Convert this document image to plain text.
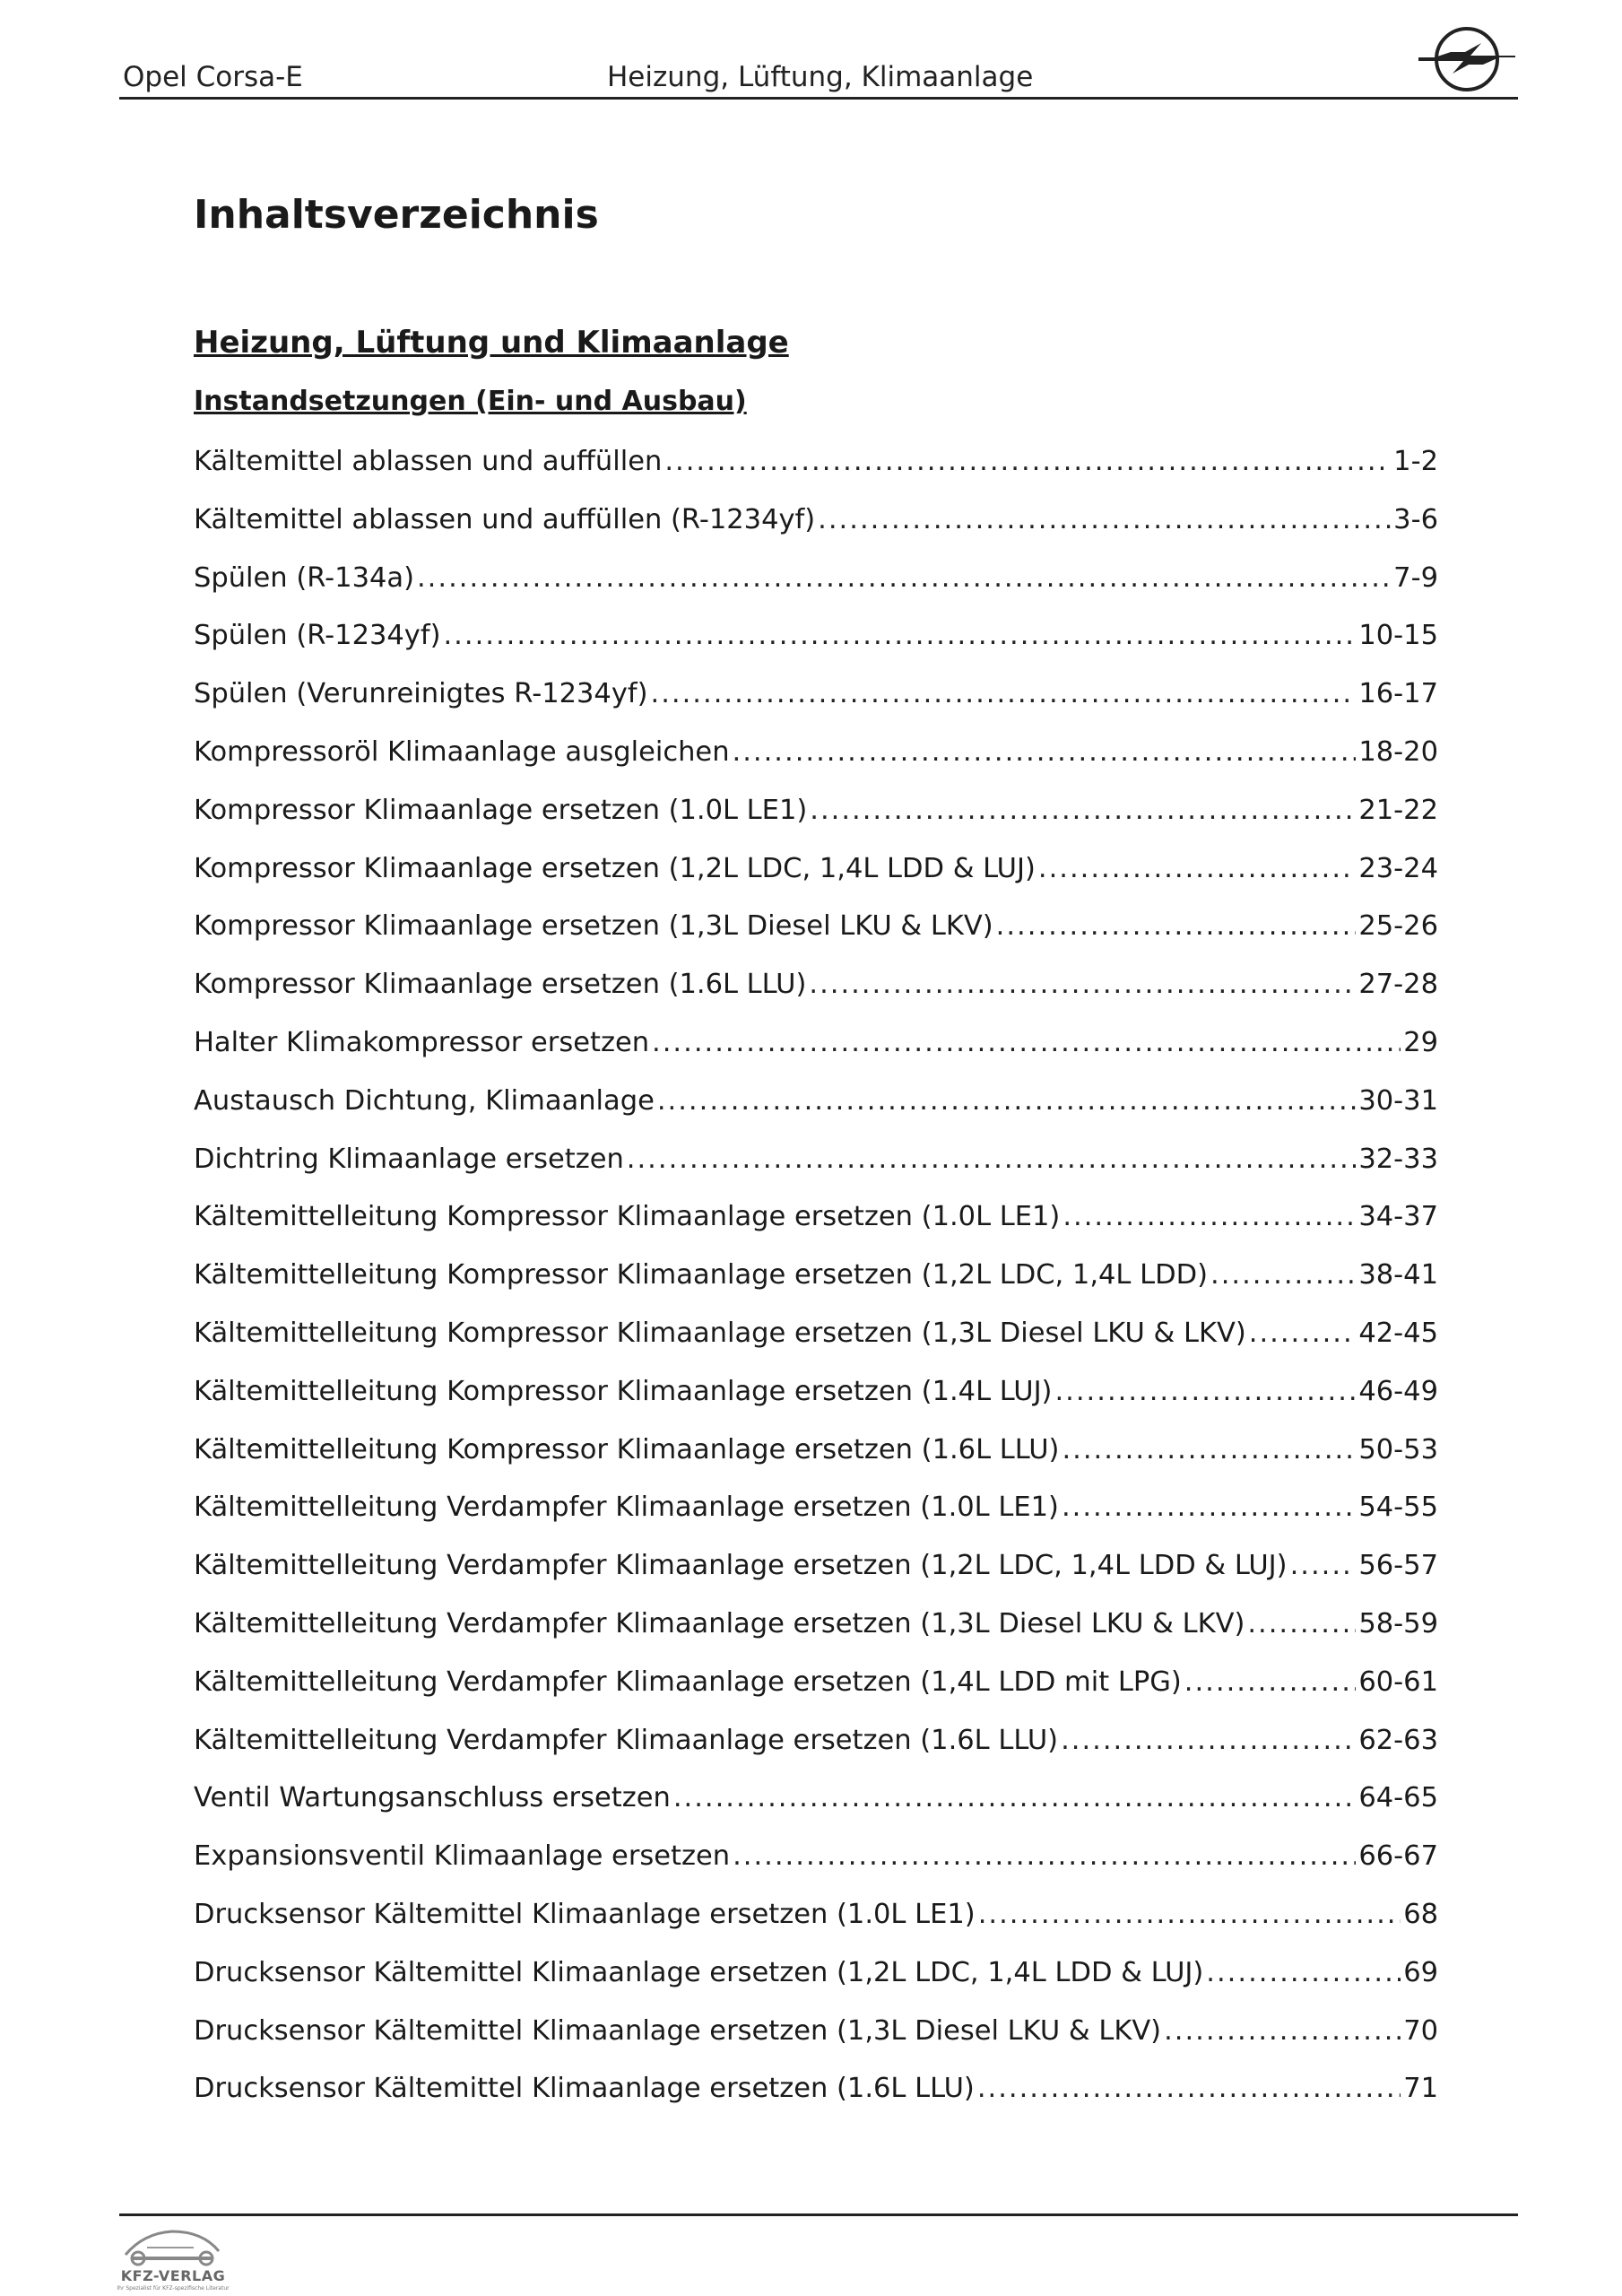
Opel Corsa-E	Heizung, Lüftung, Klimaanlage
Inhaltsverzeichnis
Heizung, Lüftung und Klimaanlage
Instandsetzungen (Ein- und Ausbau)
Kältemittel ablassen und auffüllen .....	1-2
Kältemittel ablassen und auffüllen (R-1234yf) .....	3-6
Spülen (R-134a) .....	7-9
Spülen (R-1234yf) .....	10-15
Spülen (Verunreinigtes R-1234yf) .....	16-17
Kompressoröl Klimaanlage ausgleichen .....	18-20
Kompressor Klimaanlage ersetzen (1.0L LE1) .....	21-22
Kompressor Klimaanlage ersetzen (1,2L LDC, 1,4L LDD & LUJ) .....	23-24
Kompressor Klimaanlage ersetzen (1,3L Diesel LKU & LKV) .....	25-26
Kompressor Klimaanlage ersetzen (1.6L LLU) .....	27-28
Halter Klimakompressor ersetzen .....	29
Austausch Dichtung, Klimaanlage .....	30-31
Dichtring Klimaanlage ersetzen .....	32-33
Kältemittelleitung Kompressor Klimaanlage ersetzen (1.0L LE1) .....	34-37
Kältemittelleitung Kompressor Klimaanlage ersetzen (1,2L LDC, 1,4L LDD) .....	38-41
Kältemittelleitung Kompressor Klimaanlage ersetzen (1,3L Diesel LKU & LKV) .....	42-45
Kältemittelleitung Kompressor Klimaanlage ersetzen (1.4L LUJ) .....	46-49
Kältemittelleitung Kompressor Klimaanlage ersetzen (1.6L LLU) .....	50-53
Kältemittelleitung Verdampfer Klimaanlage ersetzen (1.0L LE1) .....	54-55
Kältemittelleitung Verdampfer Klimaanlage ersetzen (1,2L LDC, 1,4L LDD & LUJ) .....	56-57
Kältemittelleitung Verdampfer Klimaanlage ersetzen (1,3L Diesel LKU & LKV) .....	58-59
Kältemittelleitung Verdampfer Klimaanlage ersetzen (1,4L LDD mit LPG) .....	60-61
Kältemittelleitung Verdampfer Klimaanlage ersetzen (1.6L LLU) .....	62-63
Ventil Wartungsanschluss ersetzen .....	64-65
Expansionsventil Klimaanlage ersetzen .....	66-67
Drucksensor Kältemittel Klimaanlage ersetzen (1.0L LE1) .....	68
Drucksensor Kältemittel Klimaanlage ersetzen (1,2L LDC, 1,4L LDD & LUJ) .....	69
Drucksensor Kältemittel Klimaanlage ersetzen (1,3L Diesel LKU & LKV) .....	70
Drucksensor Kältemittel Klimaanlage ersetzen (1.6L LLU) .....	71
KFZ-VERLAG
Ihr Spezialist für KFZ-spezifische Literatur
